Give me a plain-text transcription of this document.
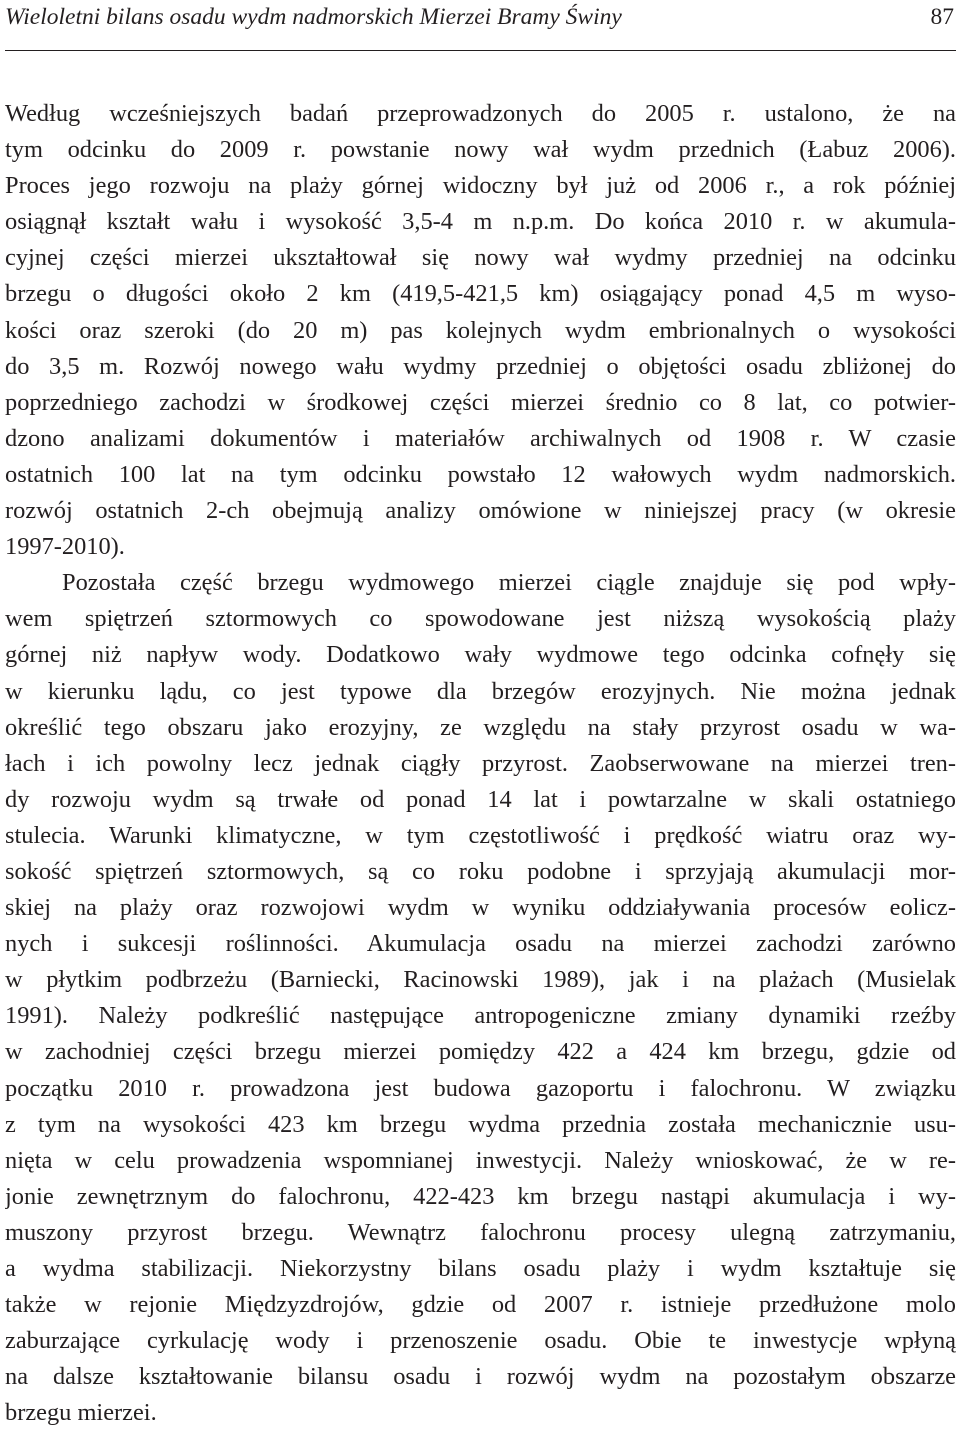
Wieloletni bilans osadu wydm nadmorskich Mierzei Bramy Świny	87
Według wcześniejszych badań przeprowadzonych do 2005 r. ustalono, że na
tym odcinku do 2009 r. powstanie nowy wał wydm przednich (Łabuz 2006).
Proces jego rozwoju na plaży górnej widoczny był już od 2006 r., a rok później
osiągnął kształt wału i wysokość 3,5-4 m n.p.m. Do końca 2010 r. w akumula-
cyjnej części mierzei ukształtował się nowy wał wydmy przedniej na odcinku
brzegu o długości około 2 km (419,5-421,5 km) osiągający ponad 4,5 m wyso-
kości oraz szeroki (do 20 m) pas kolejnych wydm embrionalnych o wysokości
do 3,5 m. Rozwój nowego wału wydmy przedniej o objętości osadu zbliżonej do
poprzedniego zachodzi w środkowej części mierzei średnio co 8 lat, co potwier-
dzono analizami dokumentów i materiałów archiwalnych od 1908 r. W czasie
ostatnich 100 lat na tym odcinku powstało 12 wałowych wydm nadmorskich.
rozwój ostatnich 2-ch obejmują analizy omówione w niniejszej pracy (w okresie
1997-2010).
Pozostała część brzegu wydmowego mierzei ciągle znajduje się pod wpły-
wem spiętrzeń sztormowych co spowodowane jest niższą wysokością plaży
górnej niż napływ wody. Dodatkowo wały wydmowe tego odcinka cofnęły się
w kierunku lądu, co jest typowe dla brzegów erozyjnych. Nie można jednak
określić tego obszaru jako erozyjny, ze względu na stały przyrost osadu w wa-
łach i ich powolny lecz jednak ciągły przyrost. Zaobserwowane na mierzei tren-
dy rozwoju wydm są trwałe od ponad 14 lat i powtarzalne w skali ostatniego
stulecia. Warunki klimatyczne, w tym częstotliwość i prędkość wiatru oraz wy-
sokość spiętrzeń sztormowych, są co roku podobne i sprzyjają akumulacji mor-
skiej na plaży oraz rozwojowi wydm w wyniku oddziaływania procesów eolicz-
nych i sukcesji roślinności. Akumulacja osadu na mierzei zachodzi zarówno
w płytkim podbrzeżu (Barniecki, Racinowski 1989), jak i na plażach (Musielak
1991). Należy podkreślić następujące antropogeniczne zmiany dynamiki rzeźby
w zachodniej części brzegu mierzei pomiędzy 422 a 424 km brzegu, gdzie od
początku 2010 r. prowadzona jest budowa gazoportu i falochronu. W związku
z tym na wysokości 423 km brzegu wydma przednia została mechanicznie usu-
nięta w celu prowadzenia wspomnianej inwestycji. Należy wnioskować, że w re-
jonie zewnętrznym do falochronu, 422-423 km brzegu nastąpi akumulacja i wy-
muszony przyrost brzegu. Wewnątrz falochronu procesy ulegną zatrzymaniu,
a wydma stabilizacji. Niekorzystny bilans osadu plaży i wydm kształtuje się
także w rejonie Międzyzdrojów, gdzie od 2007 r. istnieje przedłużone molo
zaburzające cyrkulację wody i przenoszenie osadu. Obie te inwestycje wpłyną
na dalsze kształtowanie bilansu osadu i rozwój wydm na pozostałym obszarze
brzegu mierzei.
